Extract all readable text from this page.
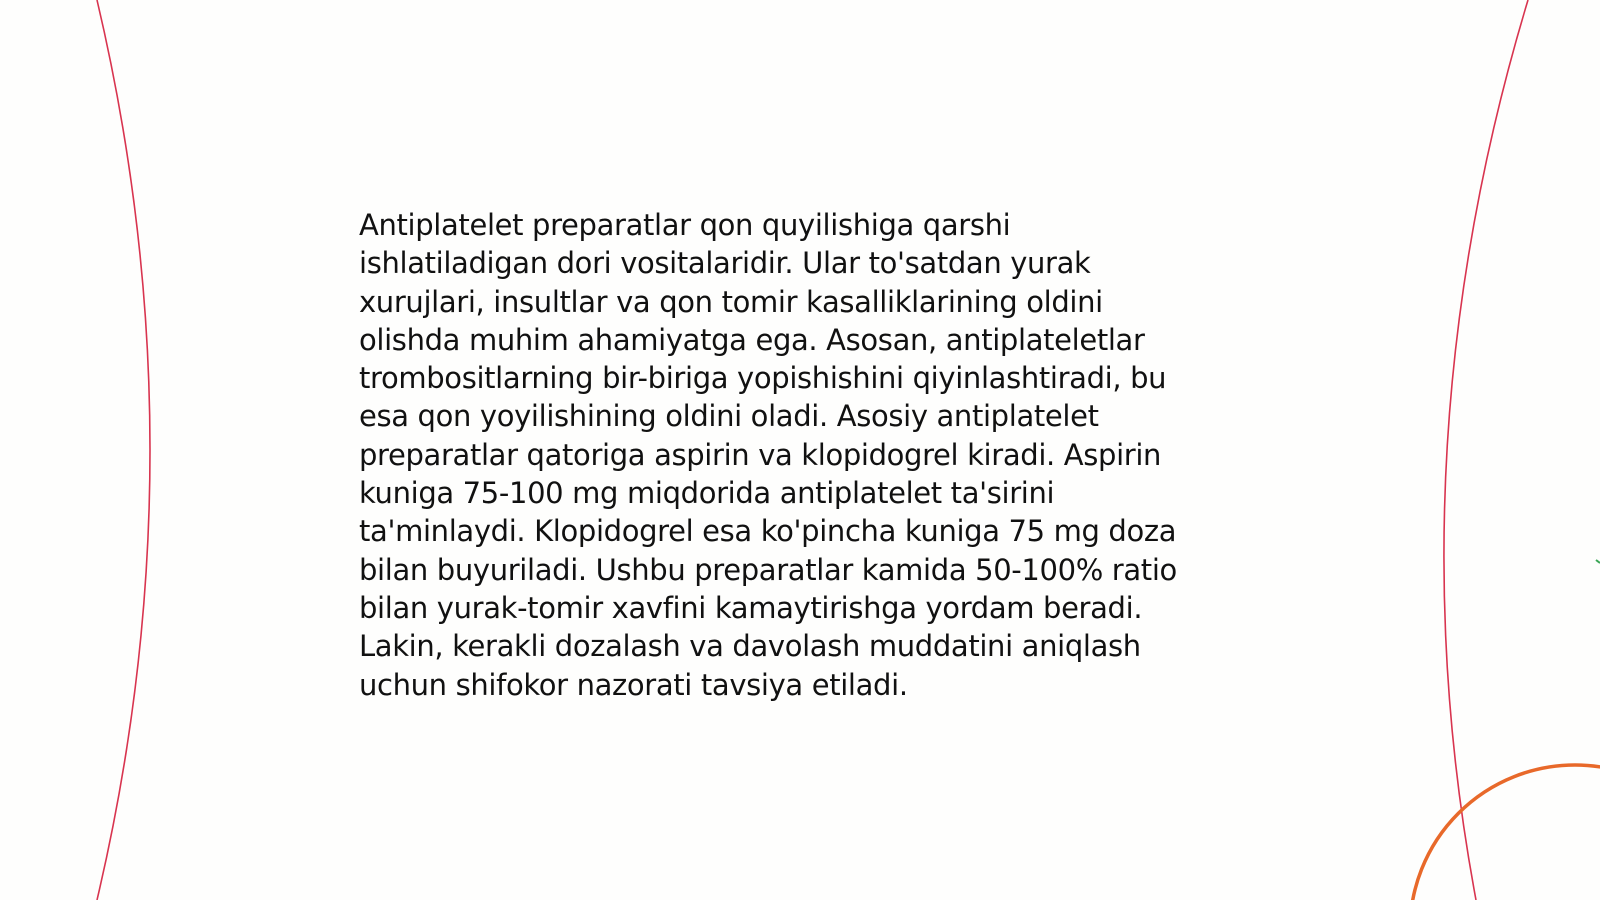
Antiplatelet preparatlar qon quyilishiga qarshi
ishlatiladigan dori vositalaridir. Ular to'satdan yurak
xurujlari, insultlar va qon tomir kasalliklarining oldini
olishda muhim ahamiyatga ega. Asosan, antiplateletlar
trombositlarning bir-biriga yopishishini qiyinlashtiradi, bu
esa qon yoyilishining oldini oladi. Asosiy antiplatelet
preparatlar qatoriga aspirin va klopidogrel kiradi. Aspirin
kuniga 75-100 mg miqdorida antiplatelet ta'sirini
ta'minlaydi. Klopidogrel esa ko'pincha kuniga 75 mg doza
bilan buyuriladi. Ushbu preparatlar kamida 50-100% ratio
bilan yurak-tomir xavfini kamaytirishga yordam beradi.
Lakin, kerakli dozalash va davolash muddatini aniqlash
uchun shifokor nazorati tavsiya etiladi.
